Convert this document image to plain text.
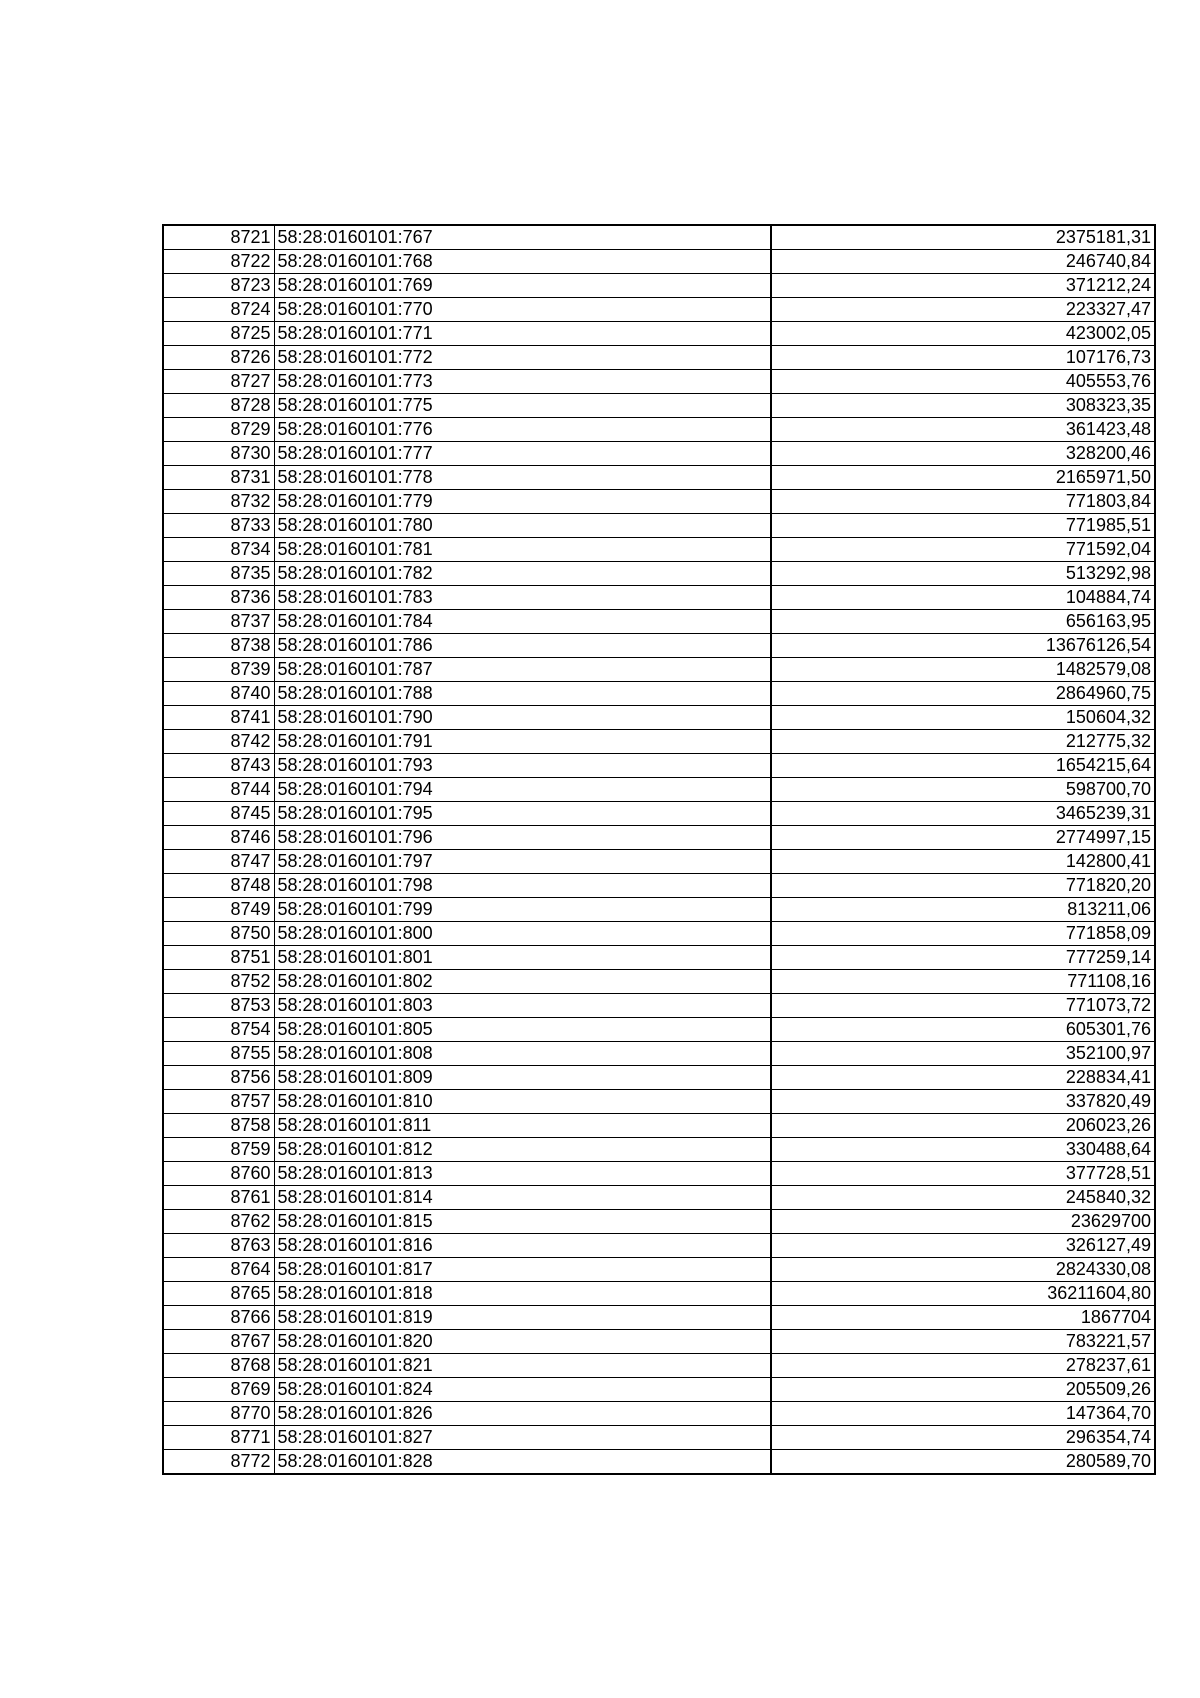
8721	58:28:0160101:767	2375181,31
8722	58:28:0160101:768	246740,84
8723	58:28:0160101:769	371212,24
8724	58:28:0160101:770	223327,47
8725	58:28:0160101:771	423002,05
8726	58:28:0160101:772	107176,73
8727	58:28:0160101:773	405553,76
8728	58:28:0160101:775	308323,35
8729	58:28:0160101:776	361423,48
8730	58:28:0160101:777	328200,46
8731	58:28:0160101:778	2165971,50
8732	58:28:0160101:779	771803,84
8733	58:28:0160101:780	771985,51
8734	58:28:0160101:781	771592,04
8735	58:28:0160101:782	513292,98
8736	58:28:0160101:783	104884,74
8737	58:28:0160101:784	656163,95
8738	58:28:0160101:786	13676126,54
8739	58:28:0160101:787	1482579,08
8740	58:28:0160101:788	2864960,75
8741	58:28:0160101:790	150604,32
8742	58:28:0160101:791	212775,32
8743	58:28:0160101:793	1654215,64
8744	58:28:0160101:794	598700,70
8745	58:28:0160101:795	3465239,31
8746	58:28:0160101:796	2774997,15
8747	58:28:0160101:797	142800,41
8748	58:28:0160101:798	771820,20
8749	58:28:0160101:799	813211,06
8750	58:28:0160101:800	771858,09
8751	58:28:0160101:801	777259,14
8752	58:28:0160101:802	771108,16
8753	58:28:0160101:803	771073,72
8754	58:28:0160101:805	605301,76
8755	58:28:0160101:808	352100,97
8756	58:28:0160101:809	228834,41
8757	58:28:0160101:810	337820,49
8758	58:28:0160101:811	206023,26
8759	58:28:0160101:812	330488,64
8760	58:28:0160101:813	377728,51
8761	58:28:0160101:814	245840,32
8762	58:28:0160101:815	23629700
8763	58:28:0160101:816	326127,49
8764	58:28:0160101:817	2824330,08
8765	58:28:0160101:818	36211604,80
8766	58:28:0160101:819	1867704
8767	58:28:0160101:820	783221,57
8768	58:28:0160101:821	278237,61
8769	58:28:0160101:824	205509,26
8770	58:28:0160101:826	147364,70
8771	58:28:0160101:827	296354,74
8772	58:28:0160101:828	280589,70
